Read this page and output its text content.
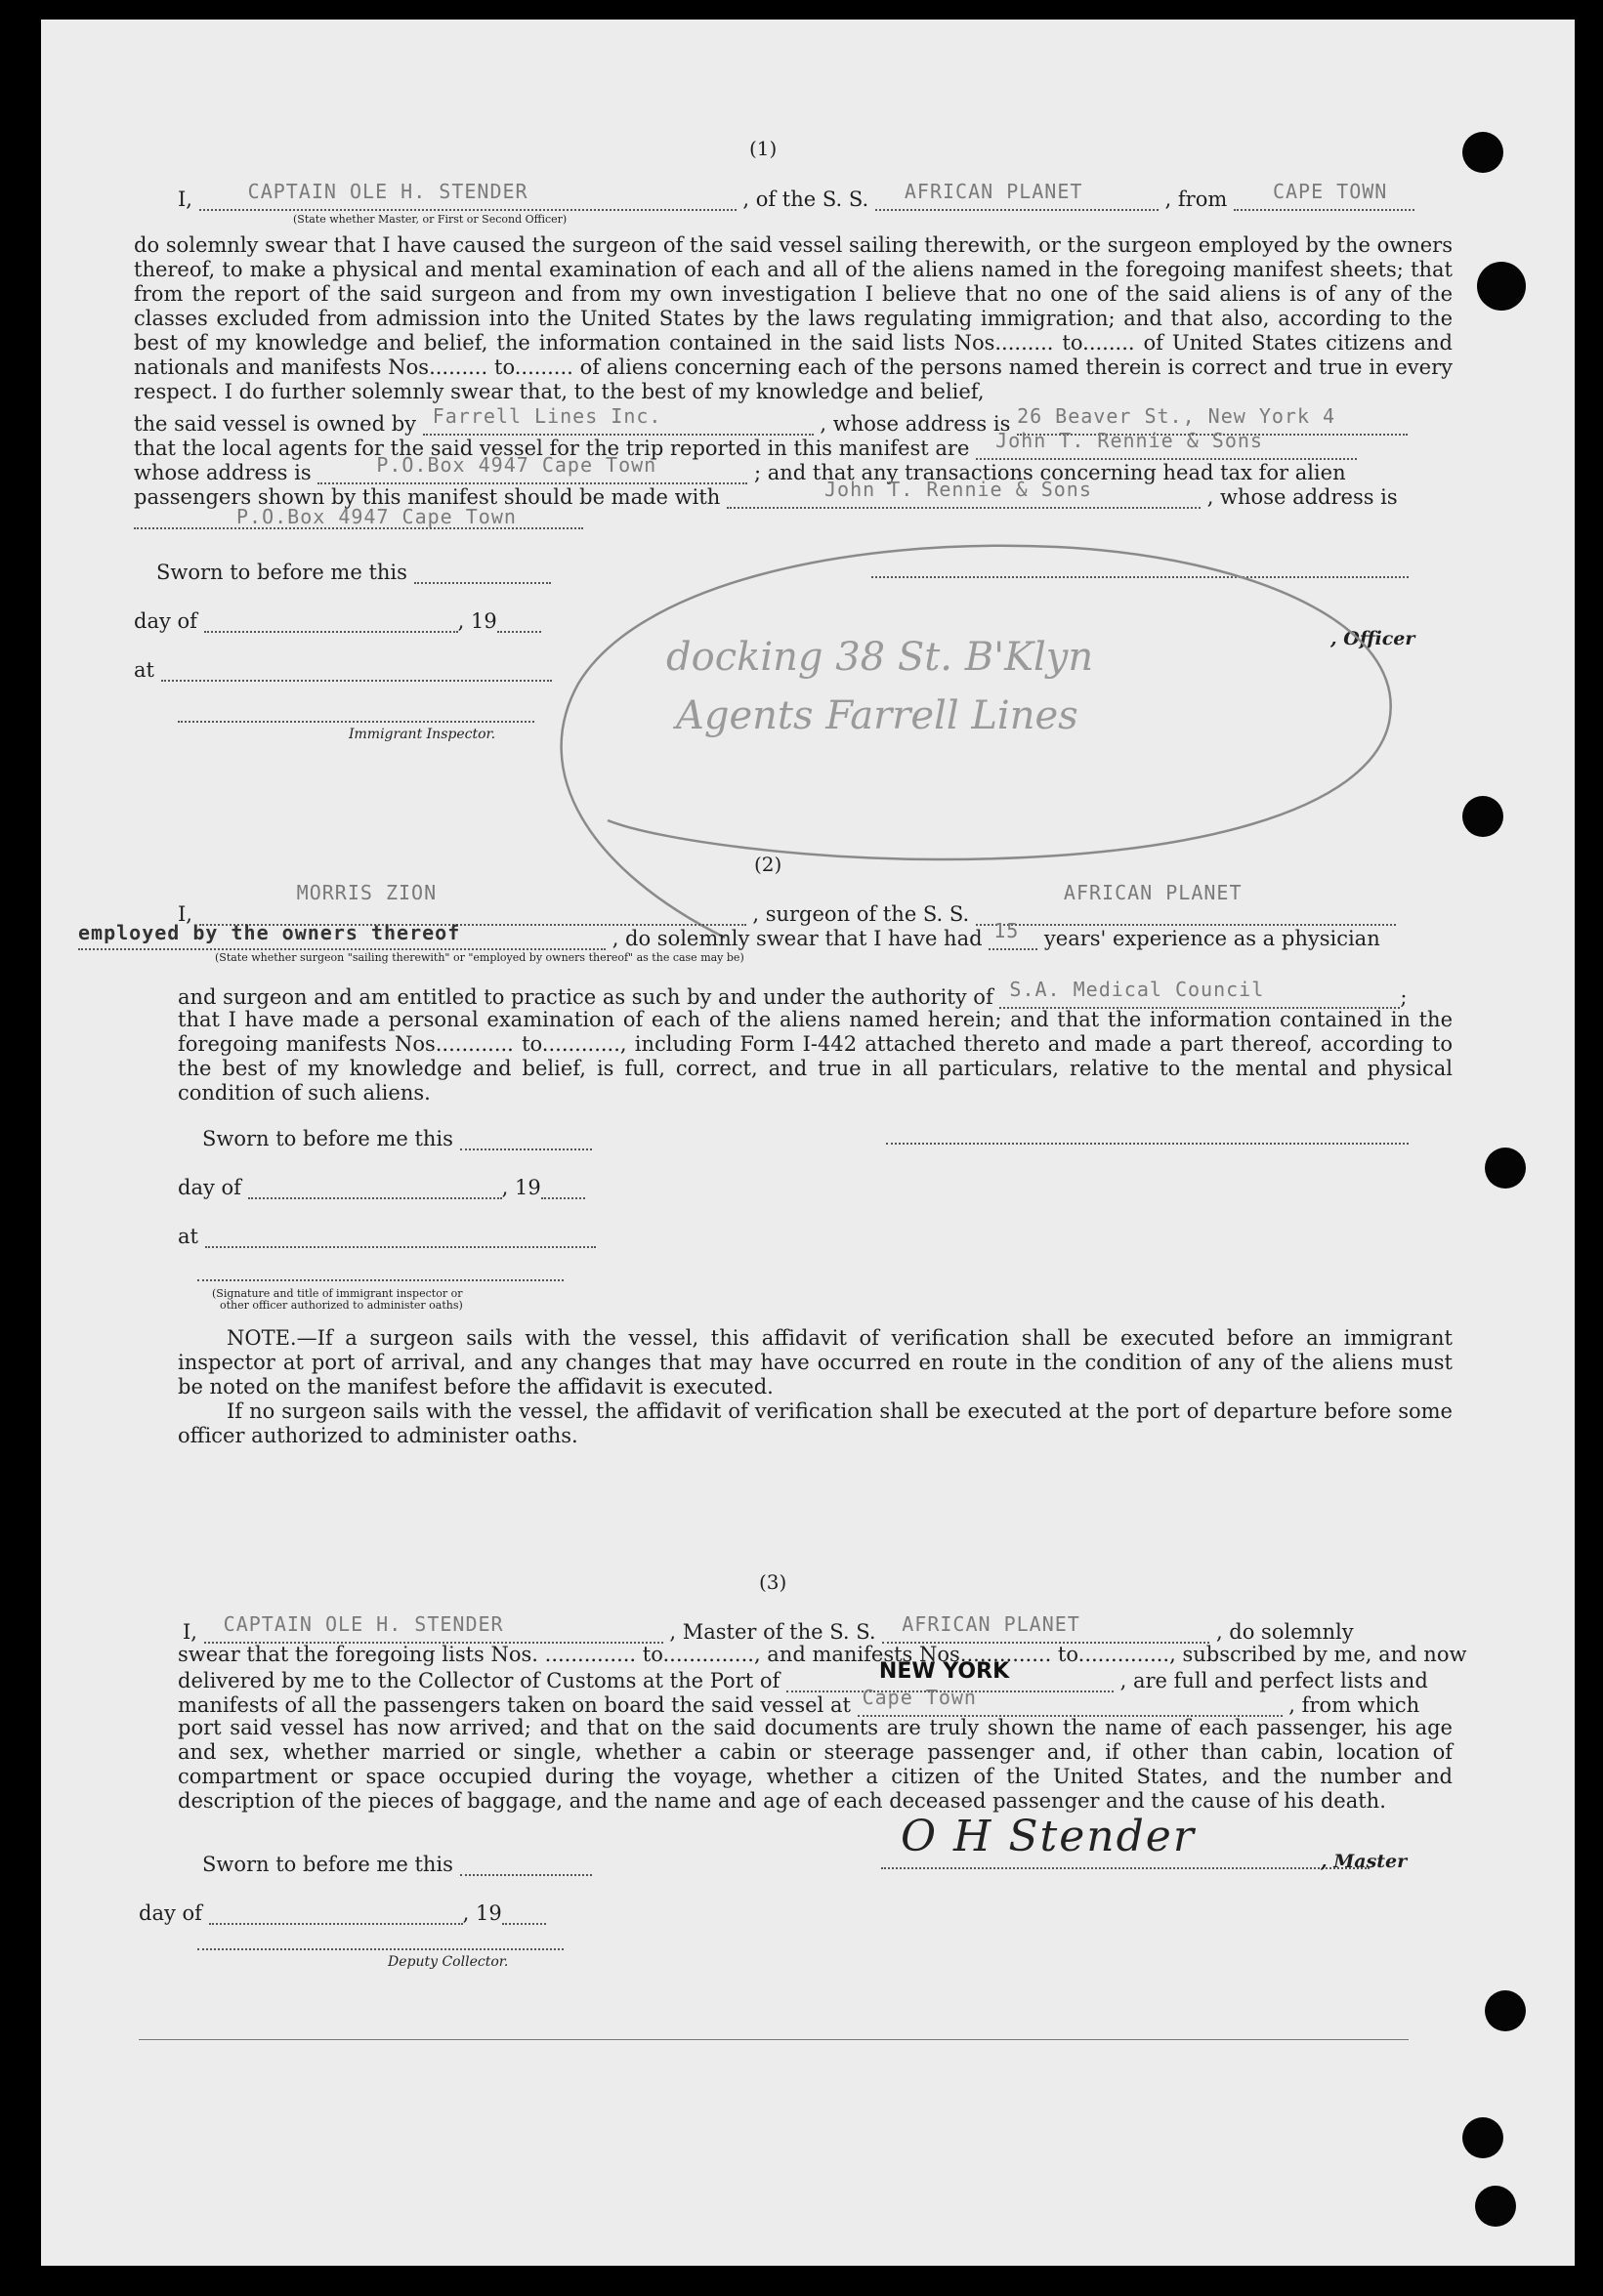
(1)
I,	CAPTAIN OLE H. STENDER	, of the S. S. AFRICAN PLANET	, from CAPE TOWN
(State whether Master, or First or Second Officer)
do solemnly swear that I have caused the surgeon of the said vessel sailing therewith, or the surgeon employed by the owners thereof, to make a physical and mental examination of each and all of the aliens named in the foregoing manifest sheets; that from the report of the said surgeon and from my own investigation I believe that no one of the said aliens is of any of the classes excluded from admission into the United States by the laws regulating immigration; and that also, according to the best of my knowledge and belief, the information contained in the said lists Nos......... to........ of United States citizens and nationals and manifests Nos......... to......... of aliens concerning each of the persons named therein is correct and true in every respect. I do further solemnly swear that, to the best of my knowledge and belief,
the said vessel is owned by Farrell Lines Inc.	, whose address is 26 Beaver St., New York 4
that the local agents for the said vessel for the trip reported in this manifest are John T. Rennie & Sons
whose address is	P.O.Box 4947 Cape Town	; and that any transactions concerning head tax for alien
passengers shown by this manifest should be made with	John T. Rennie & Sons	, whose address is
P.O.Box 4947 Cape Town
Sworn to before me this
day of	, 19
, Officer
at
Immigrant Inspector.
docking 38 St. B'Klyn
Agents Farrell Lines
(2)
I,
MORRIS ZION
, surgeon of the S. S.
AFRICAN PLANET
employed by the owners thereof	, do solemnly swear that I have had 15 years' experience as a physician
(State whether surgeon "sailing therewith" or "employed by owners thereof" as the case may be)
and surgeon and am entitled to practice as such by and under the authority of S.A. Medical Council	;
that I have made a personal examination of each of the aliens named herein; and that the information contained in the foregoing manifests Nos............ to............, including Form I-442 attached thereto and made a part thereof, according to the best of my knowledge and belief, is full, correct, and true in all particulars, relative to the mental and physical condition of such aliens.
Sworn to before me this
day of	, 19
at
(Signature and title of immigrant inspector or
other officer authorized to administer oaths)
NOTE.—If a surgeon sails with the vessel, this affidavit of verification shall be executed before an immigrant inspector at port of arrival, and any changes that may have occurred en route in the condition of any of the aliens must be noted on the manifest before the affidavit is executed.
If no surgeon sails with the vessel, the affidavit of verification shall be executed at the port of departure before some officer authorized to administer oaths.
(3)
I, CAPTAIN OLE H. STENDER	, Master of the S. S. AFRICAN PLANET	, do solemnly
swear that the foregoing lists Nos. .............. to.............., and manifests Nos.............. to.............., subscribed by me, and now
delivered by me to the Collector of Customs at the Port of	NEW YORK	, are full and perfect lists and
manifests of all the passengers taken on board the said vessel at Cape Town	, from which
port said vessel has now arrived; and that on the said documents are truly shown the name of each passenger, his age and sex, whether married or single, whether a cabin or steerage passenger and, if other than cabin, location of compartment or space occupied during the voyage, whether a citizen of the United States, and the number and description of the pieces of baggage, and the name and age of each deceased passenger and the cause of his death.
Sworn to before me this
O H Stender	, Master
day of	, 19
Deputy Collector.
